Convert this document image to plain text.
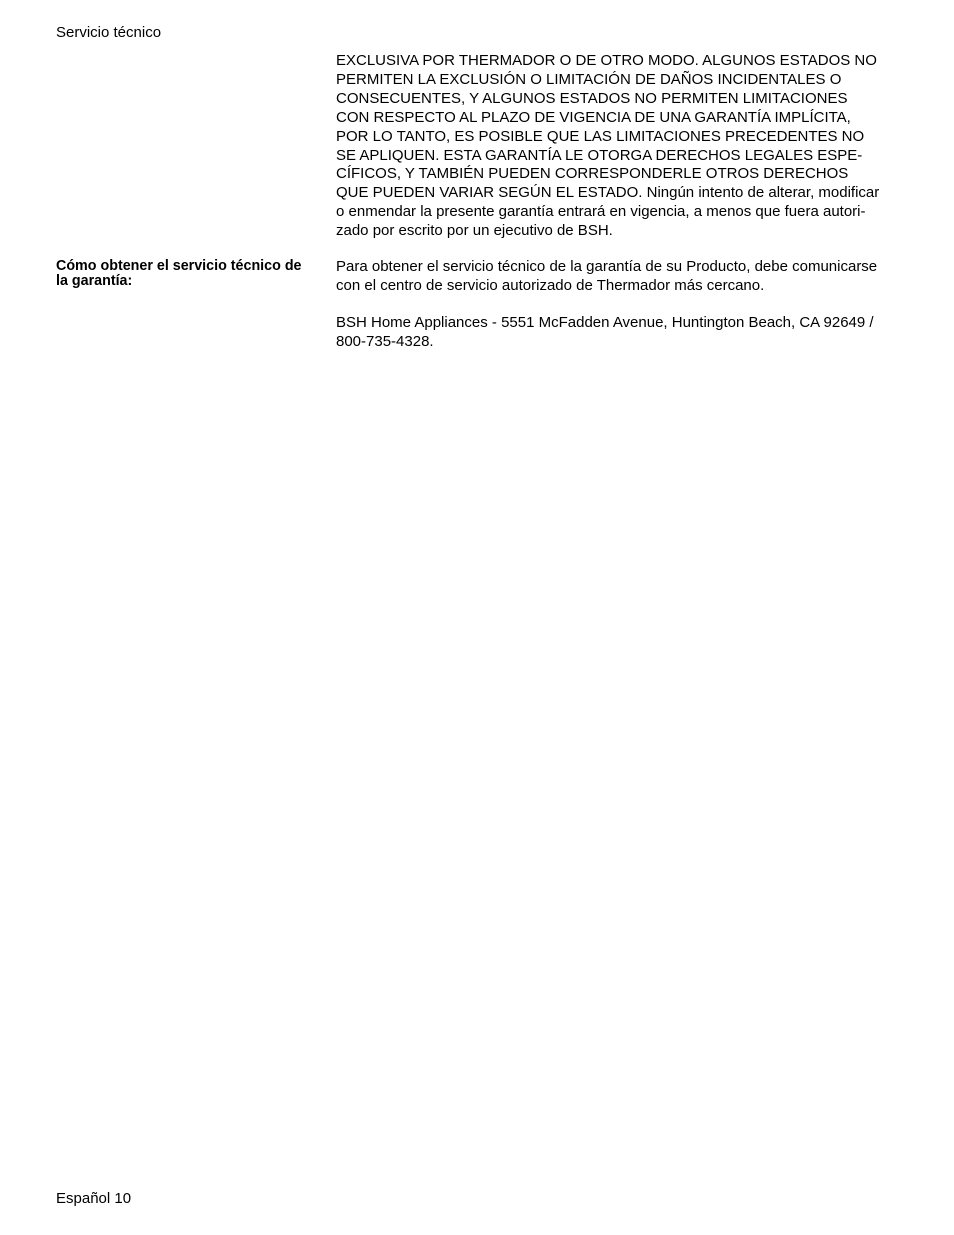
Servicio técnico
EXCLUSIVA POR THERMADOR O DE OTRO MODO. ALGUNOS ESTADOS NO
PERMITEN LA EXCLUSIÓN O LIMITACIÓN DE DAÑOS INCIDENTALES O
CONSECUENTES, Y ALGUNOS ESTADOS NO PERMITEN LIMITACIONES
CON RESPECTO AL PLAZO DE VIGENCIA DE UNA GARANTÍA IMPLÍCITA,
POR LO TANTO, ES POSIBLE QUE LAS LIMITACIONES PRECEDENTES NO
SE APLIQUEN. ESTA GARANTÍA LE OTORGA DERECHOS LEGALES ESPE-
CÍFICOS, Y TAMBIÉN PUEDEN CORRESPONDERLE OTROS DERECHOS
QUE PUEDEN VARIAR SEGÚN EL ESTADO. Ningún intento de alterar, modificar
o enmendar la presente garantía entrará en vigencia, a menos que fuera autori-
zado por escrito por un ejecutivo de BSH.
Cómo obtener el servicio técnico de
la garantía:
Para obtener el servicio técnico de la garantía de su Producto, debe comunicarse
con el centro de servicio autorizado de Thermador más cercano.
BSH Home Appliances - 5551 McFadden Avenue, Huntington Beach, CA 92649 /
800-735-4328.
Español 10
